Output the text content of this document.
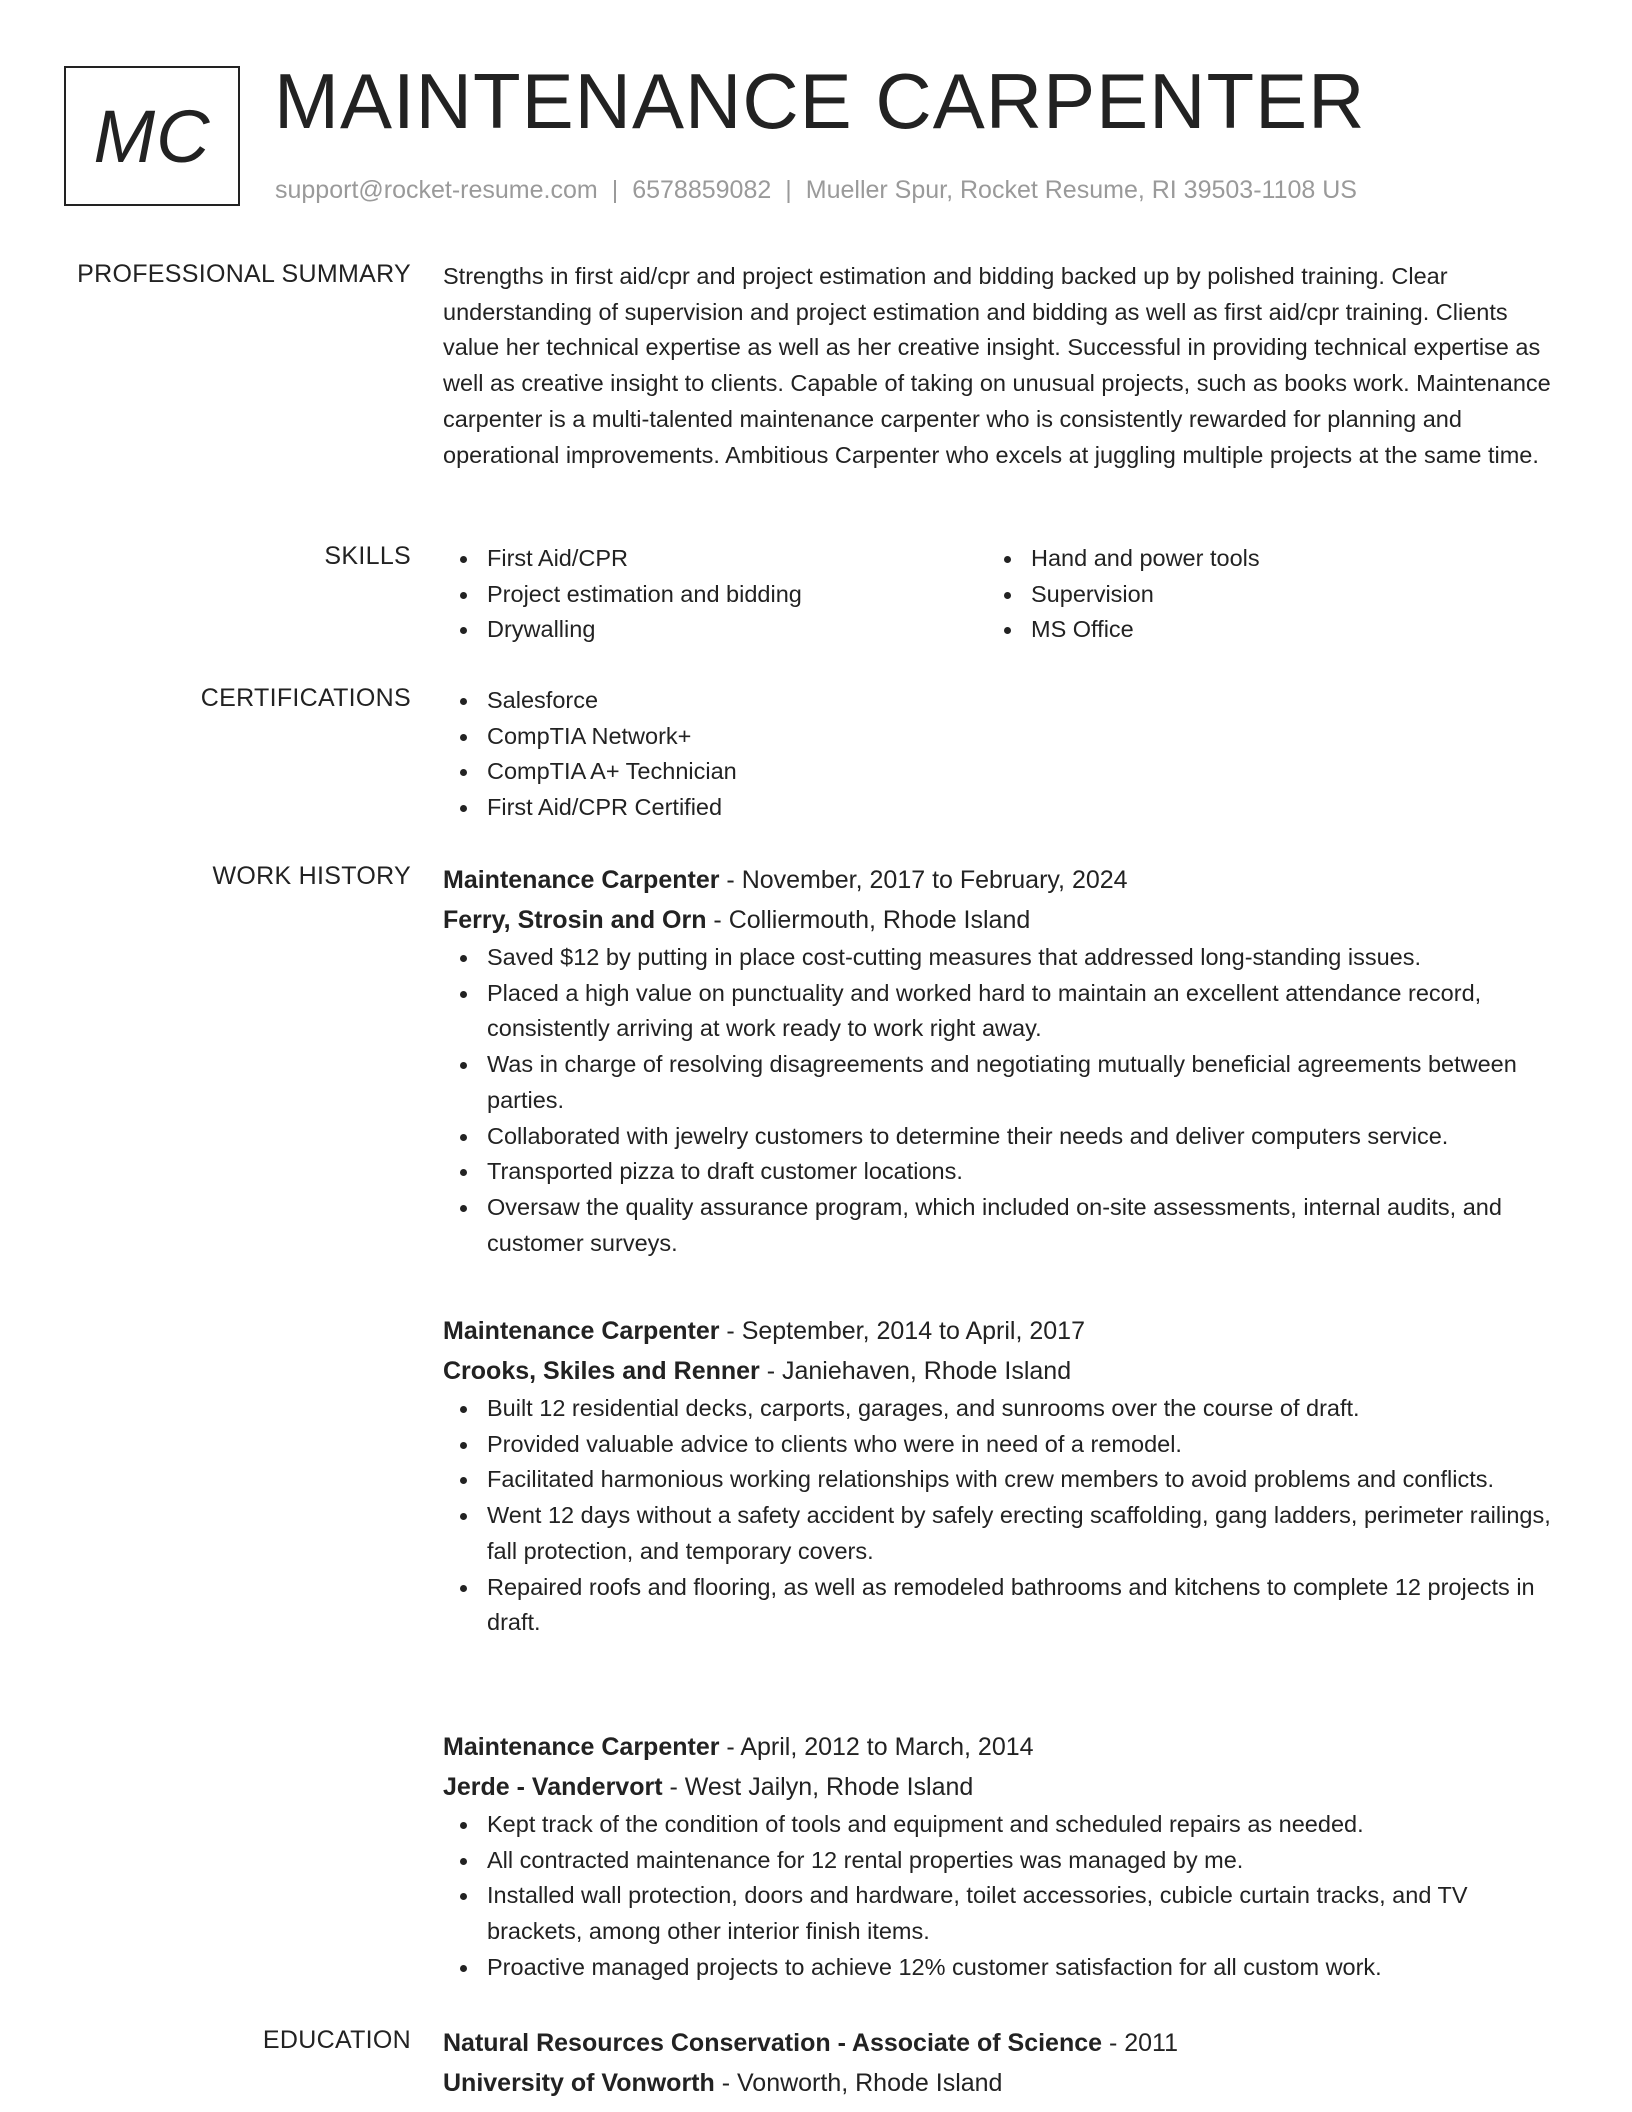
MC MAINTENANCE CARPENTER
support@rocket-resume.com | 6578859082 | Mueller Spur, Rocket Resume, RI 39503-1108 US
PROFESSIONAL SUMMARY Strengths in first aid/cpr and project estimation and bidding backed up by polished training. Clear understanding of supervision and project estimation and bidding as well as first aid/cpr training. Clients value her technical expertise as well as her creative insight. Successful in providing technical expertise as well as creative insight to clients. Capable of taking on unusual projects, such as books work. Maintenance carpenter is a multi-talented maintenance carpenter who is consistently rewarded for planning and operational improvements. Ambitious Carpenter who excels at juggling multiple projects at the same time.

SKILLS	First Aid/CPR
Project estimation and bidding
Drywalling
Hand and power tools
Supervision
MS Office
CERTIFICATIONS	Salesforce
CompTIA Network+
CompTIA A+ Technician
First Aid/CPR Certified
WORK HISTORY Maintenance Carpenter - November, 2017 to February, 2024
Ferry, Strosin and Orn - Colliermouth, Rhode Island
Saved $12 by putting in place cost-cutting measures that addressed long-standing issues.
Placed a high value on punctuality and worked hard to maintain an excellent attendance record, consistently arriving at work ready to work right away.
Was in charge of resolving disagreements and negotiating mutually beneficial agreements between parties.
Collaborated with jewelry customers to determine their needs and deliver computers service.
Transported pizza to draft customer locations.
Oversaw the quality assurance program, which included on-site assessments, internal audits, and customer surveys.
Maintenance Carpenter - September, 2014 to April, 2017
Crooks, Skiles and Renner - Janiehaven, Rhode Island
Built 12 residential decks, carports, garages, and sunrooms over the course of draft.
Provided valuable advice to clients who were in need of a remodel.
Facilitated harmonious working relationships with crew members to avoid problems and conflicts.
Went 12 days without a safety accident by safely erecting scaffolding, gang ladders, perimeter railings, fall protection, and temporary covers.
Repaired roofs and flooring, as well as remodeled bathrooms and kitchens to complete 12 projects in draft.
Maintenance Carpenter - April, 2012 to March, 2014
Jerde - Vandervort - West Jailyn, Rhode Island
Kept track of the condition of tools and equipment and scheduled repairs as needed.
All contracted maintenance for 12 rental properties was managed by me.
Installed wall protection, doors and hardware, toilet accessories, cubicle curtain tracks, and TV brackets, among other interior finish items.
Proactive managed projects to achieve 12% customer satisfaction for all custom work.
EDUCATION Natural Resources Conservation - Associate of Science - 2011
University of Vonworth - Vonworth, Rhode Island
